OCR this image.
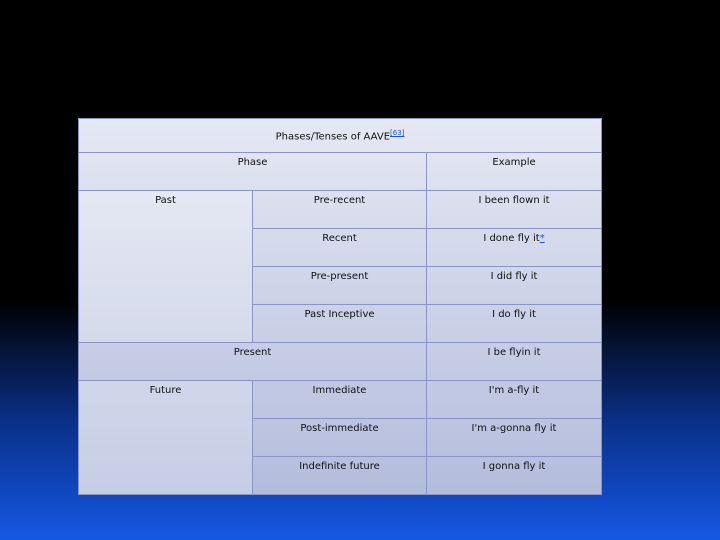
Phases/Tenses of AAVE[63]
Phase		Example
Past	Pre-recent	I been flown it
	Recent	I done fly it*
	Pre-present	I did fly it
	Past Inceptive	I do fly it
Present		I be flyin it
Future	Immediate	I'm a-fly it
	Post-immediate	I'm a-gonna fly it
	Indefinite future	I gonna fly it
